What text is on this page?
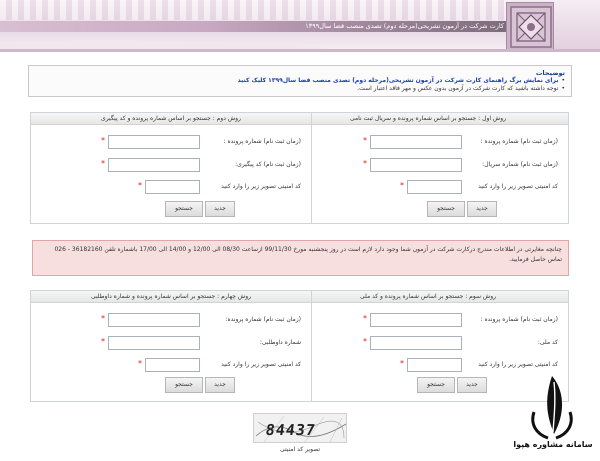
کارت شرکت در آزمون تشریحی(مرحله دوم) تصدی منصب قضا سال۱۳۹۹
توضیحات
• برای نمایش برگ راهنمای کارت شرکت در آزمون تشریحی(مرحله دوم) تصدی منصب قضا سال۱۳۹۹ کلیک کنید
• توجه داشته باشید که کارت شرکت در آزمون بدون عکس و مهر فاقد اعتبار است.
روش اول : جستجو بر اساس شماره پرونده و سریال ثبت نامی
(زمان ثبت نام) شماره پرونده :
*
(زمان ثبت نام) شماره سریال:
*
کد امنیتی تصویر زیر را وارد کنید
*
جدید
جستجو
روش دوم : جستجو بر اساس شماره پرونده و کد پیگیری
(زمان ثبت نام) شماره پرونده :
*
(زمان ثبت نام) کد پیگیری:
*
کد امنیتی تصویر زیر را وارد کنید
*
جدید
جستجو
چنانچه مغایرتی در اطلاعات مندرج درکارت شرکت در آزمون شما وجود دارد لازم است در روز پنجشنبه مورخ 99/11/30 ازساعت 08/30 الی 12/00 و 14/00 الی 17/00 باشماره تلفن 36182160 - 026 تماس حاصل فرمایید.
روش سوم : جستجو بر اساس شماره پرونده و کد ملی
(زمان ثبت نام) شماره پرونده :
*
کد ملی:
*
کد امنیتی تصویر زیر را وارد کنید
*
جدید
جستجو
روش چهارم : جستجو بر اساس شماره پرونده و شماره داوطلبی
(زمان ثبت نام) شماره پرونده:
*
شماره داوطلبی:
*
کد امنیتی تصویر زیر را وارد کنید
*
جدید
جستجو
84437
تصویر کد امنیتی
سامانه مشاوره هپوا
